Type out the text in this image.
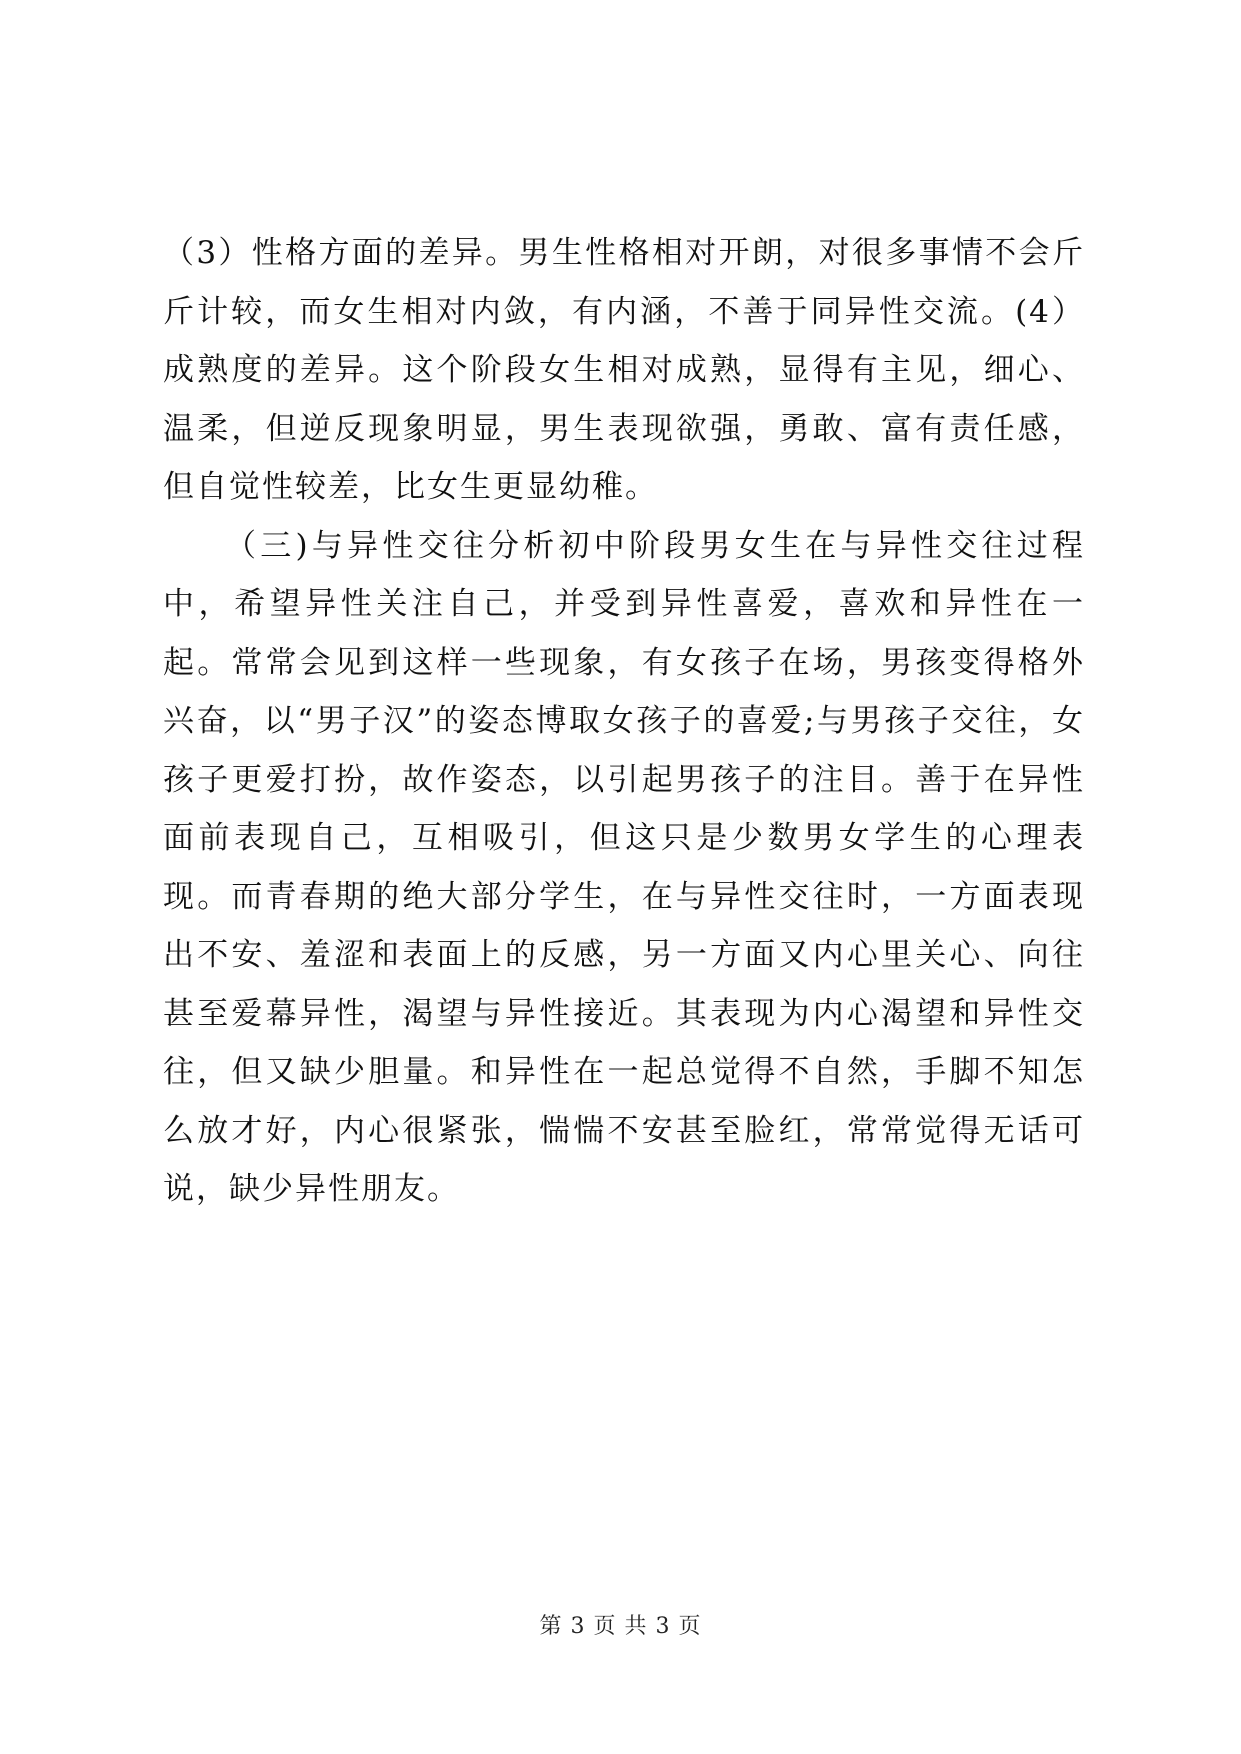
（3）性格方面的差异。男生性格相对开朗，对很多事情不会斤斤计较，而女生相对内敛，有内涵，不善于同异性交流。(4）成熟度的差异。这个阶段女生相对成熟，显得有主见，细心、温柔，但逆反现象明显，男生表现欲强，勇敢、富有责任感，但自觉性较差，比女生更显幼稚。

（三)与异性交往分析初中阶段男女生在与异性交往过程中，希望异性关注自己，并受到异性喜爱，喜欢和异性在一起。常常会见到这样一些现象，有女孩子在场，男孩变得格外兴奋，以“男子汉”的姿态博取女孩子的喜爱;与男孩子交往，女孩子更爱打扮，故作姿态，以引起男孩子的注目。善于在异性面前表现自己，互相吸引，但这只是少数男女学生的心理表现。而青春期的绝大部分学生，在与异性交往时，一方面表现出不安、羞涩和表面上的反感，另一方面又内心里关心、向往甚至爱幕异性，渴望与异性接近。其表现为内心渴望和异性交往，但又缺少胆量。和异性在一起总觉得不自然，手脚不知怎么放才好，内心很紧张，惴惴不安甚至脸红，常常觉得无话可说，缺少异性朋友。

第 3 页 共 3 页
